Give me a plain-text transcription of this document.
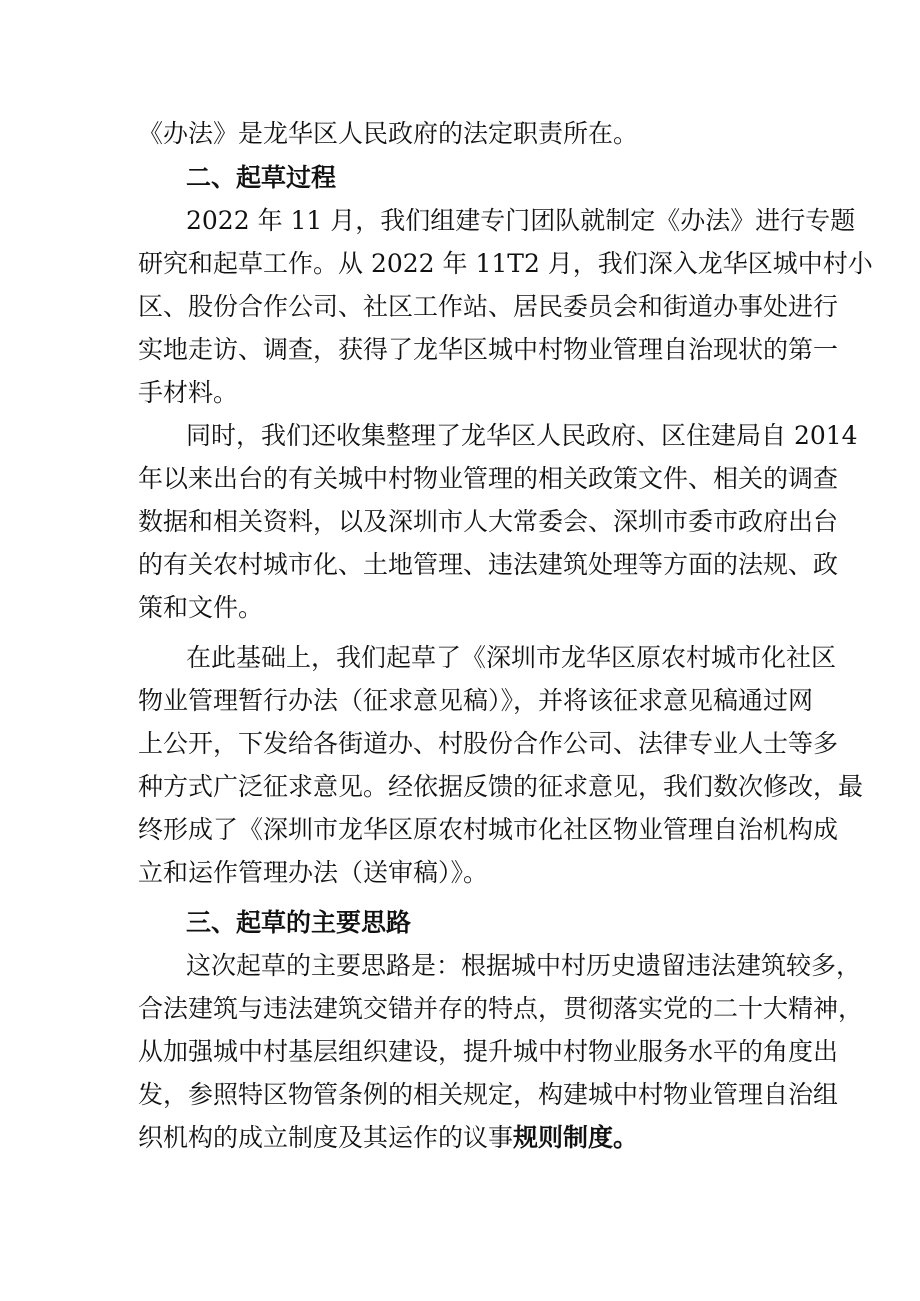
《办法》是龙华区人民政府的法定职责所在。
二、起草过程
2022 年 11 月，我们组建专门团队就制定《办法》进行专题
研究和起草工作。从 2022 年 11T2 月，我们深入龙华区城中村小
区、股份合作公司、社区工作站、居民委员会和街道办事处进行
实地走访、调查，获得了龙华区城中村物业管理自治现状的第一
手材料。
同时，我们还收集整理了龙华区人民政府、区住建局自 2014
年以来出台的有关城中村物业管理的相关政策文件、相关的调查
数据和相关资料，以及深圳市人大常委会、深圳市委市政府出台
的有关农村城市化、土地管理、违法建筑处理等方面的法规、政
策和文件。
在此基础上，我们起草了《深圳市龙华区原农村城市化社区
物业管理暂行办法（征求意见稿）》，并将该征求意见稿通过网
上公开，下发给各街道办、村股份合作公司、法律专业人士等多
种方式广泛征求意见。经依据反馈的征求意见，我们数次修改，最
终形成了《深圳市龙华区原农村城市化社区物业管理自治机构成
立和运作管理办法（送审稿）》。
三、起草的主要思路
这次起草的主要思路是：根据城中村历史遗留违法建筑较多，
合法建筑与违法建筑交错并存的特点，贯彻落实党的二十大精神，
从加强城中村基层组织建设，提升城中村物业服务水平的角度出
发，参照特区物管条例的相关规定，构建城中村物业管理自治组
织机构的成立制度及其运作的议事规则制度。
